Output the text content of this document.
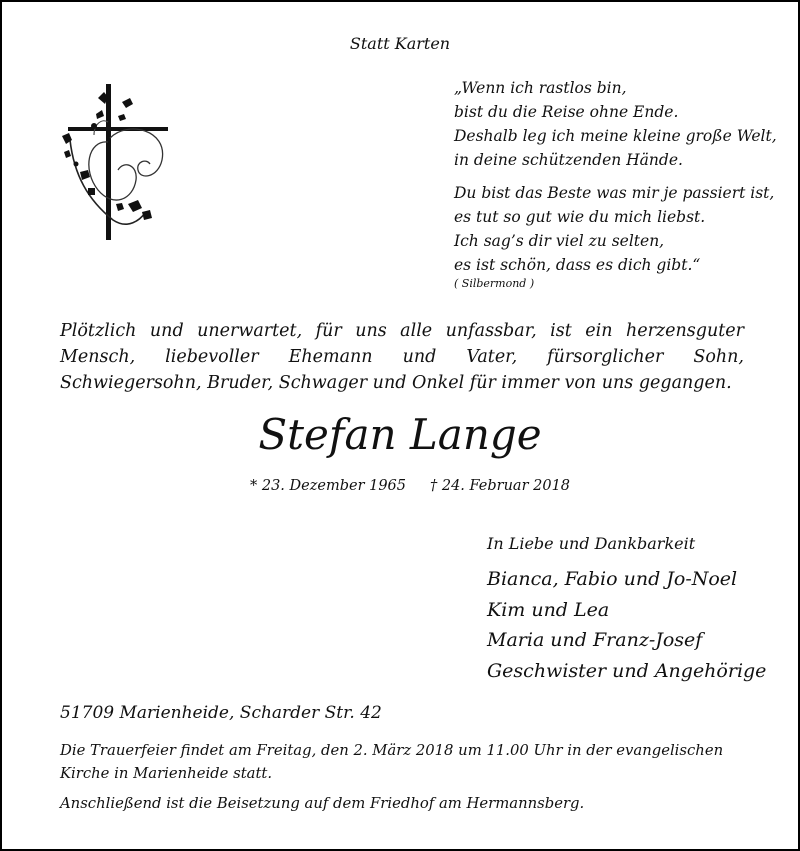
Statt Karten
„Wenn ich rastlos bin,
bist du die Reise ohne Ende.
Deshalb leg ich meine kleine große Welt,
in deine schützenden Hände.
Du bist das Beste was mir je passiert ist,
es tut so gut wie du mich liebst.
Ich sag’s dir viel zu selten,
es ist schön, dass es dich gibt.“
( Silbermond )
Plötzlich und unerwartet, für uns alle unfassbar, ist ein herzensguter Mensch, liebevoller Ehemann und Vater, fürsorglicher Sohn, Schwiegersohn, Bruder, Schwager und Onkel für immer von uns gegangen.
Stefan Lange
* 23. Dezember 1965 † 24. Februar 2018
In Liebe und Dankbarkeit
Bianca, Fabio und Jo-Noel
Kim und Lea
Maria und Franz-Josef
Geschwister und Angehörige
51709 Marienheide, Scharder Str. 42
Die Trauerfeier findet am Freitag, den 2. März 2018 um 11.00 Uhr in der evangelischen Kirche in Marienheide statt.
Anschließend ist die Beisetzung auf dem Friedhof am Hermannsberg.
